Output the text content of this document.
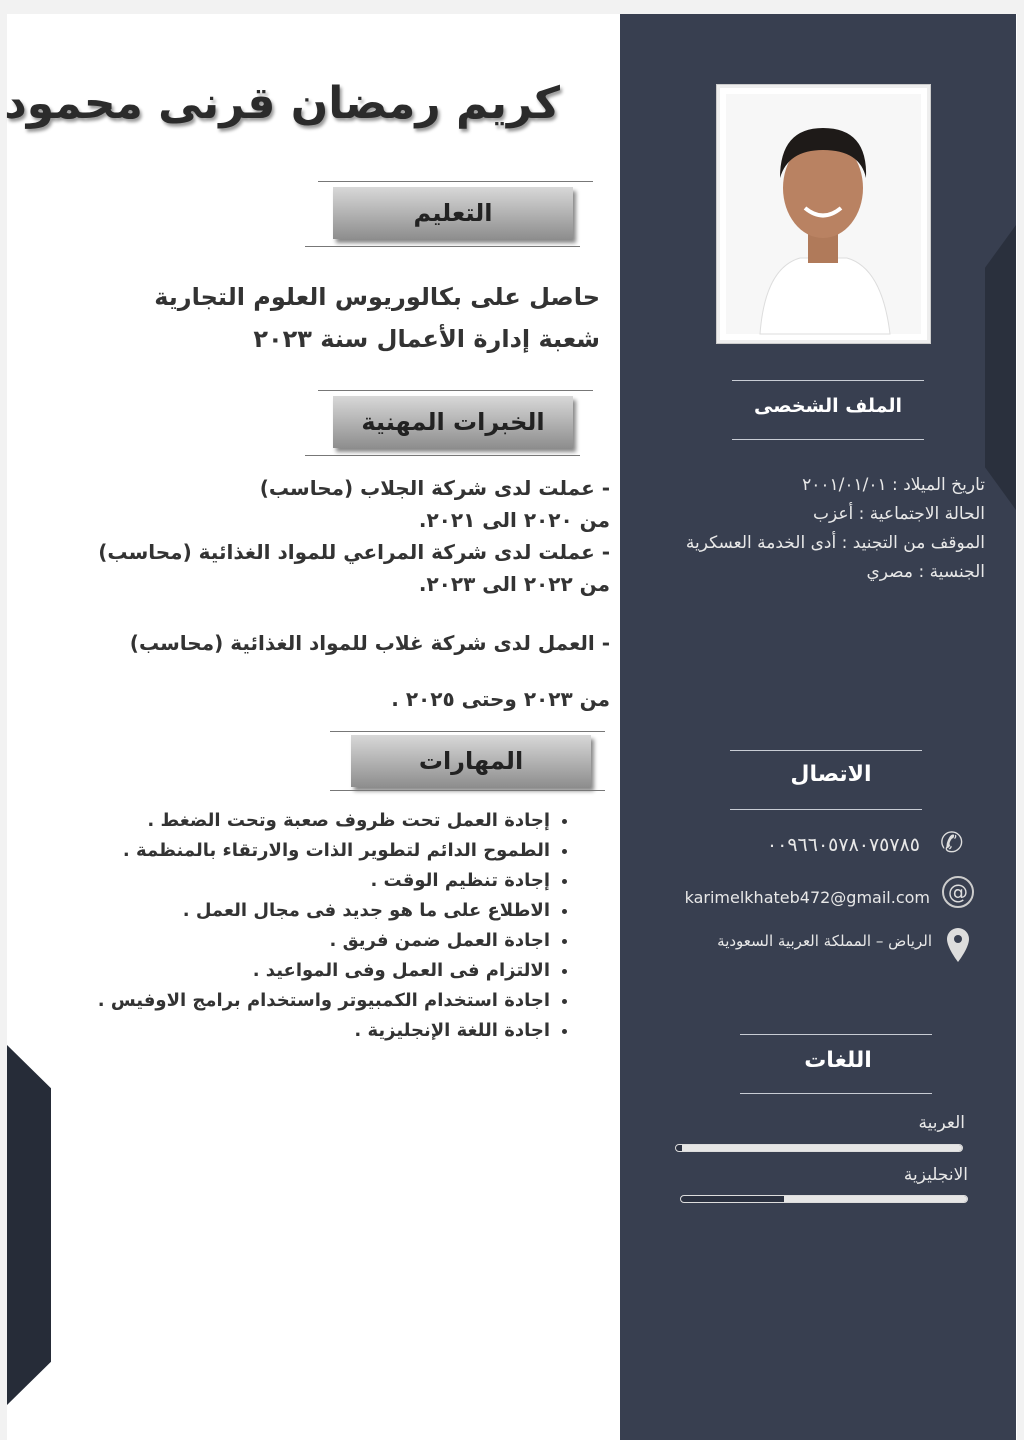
كريم رمضان قرنى محمود
التعليم
حاصل على بكالوريوس العلوم التجارية
شعبة إدارة الأعمال سنة ٢٠٢٣
الخبرات المهنية
- عملت لدى شركة الجلاب (محاسب)
من ٢٠٢٠ الى ٢٠٢١.
- عملت لدى شركة المراعي للمواد الغذائية (محاسب)
من ٢٠٢٢ الى ٢٠٢٣.
- العمل لدى شركة غلاب للمواد الغذائية (محاسب)
من ٢٠٢٣ وحتى ٢٠٢٥ .
المهارات
• إجادة العمل تحت ظروف صعبة وتحت الضغط .
• الطموح الدائم لتطوير الذات والارتقاء بالمنظمة .
• إجادة تنظيم الوقت .
• الاطلاع على ما هو جديد فى مجال العمل .
• اجادة العمل ضمن فريق .
• الالتزام فى العمل وفى المواعيد .
• اجادة استخدام الكمبيوتر واستخدام برامج الاوفيس .
• اجادة اللغة الإنجليزية .
الملف الشخصى
تاريخ الميلاد : ٢٠٠١/٠١/٠١
الحالة الاجتماعية : أعزب
الموقف من التجنيد : أدى الخدمة العسكرية
الجنسية : مصري
الاتصال
✆
٠٠٩٦٦٠٥٧٨٠٧٥٧٨٥
@
karimelkhateb472@gmail.com
الرياض – المملكة العربية السعودية
اللغات
العربية
الانجليزية
